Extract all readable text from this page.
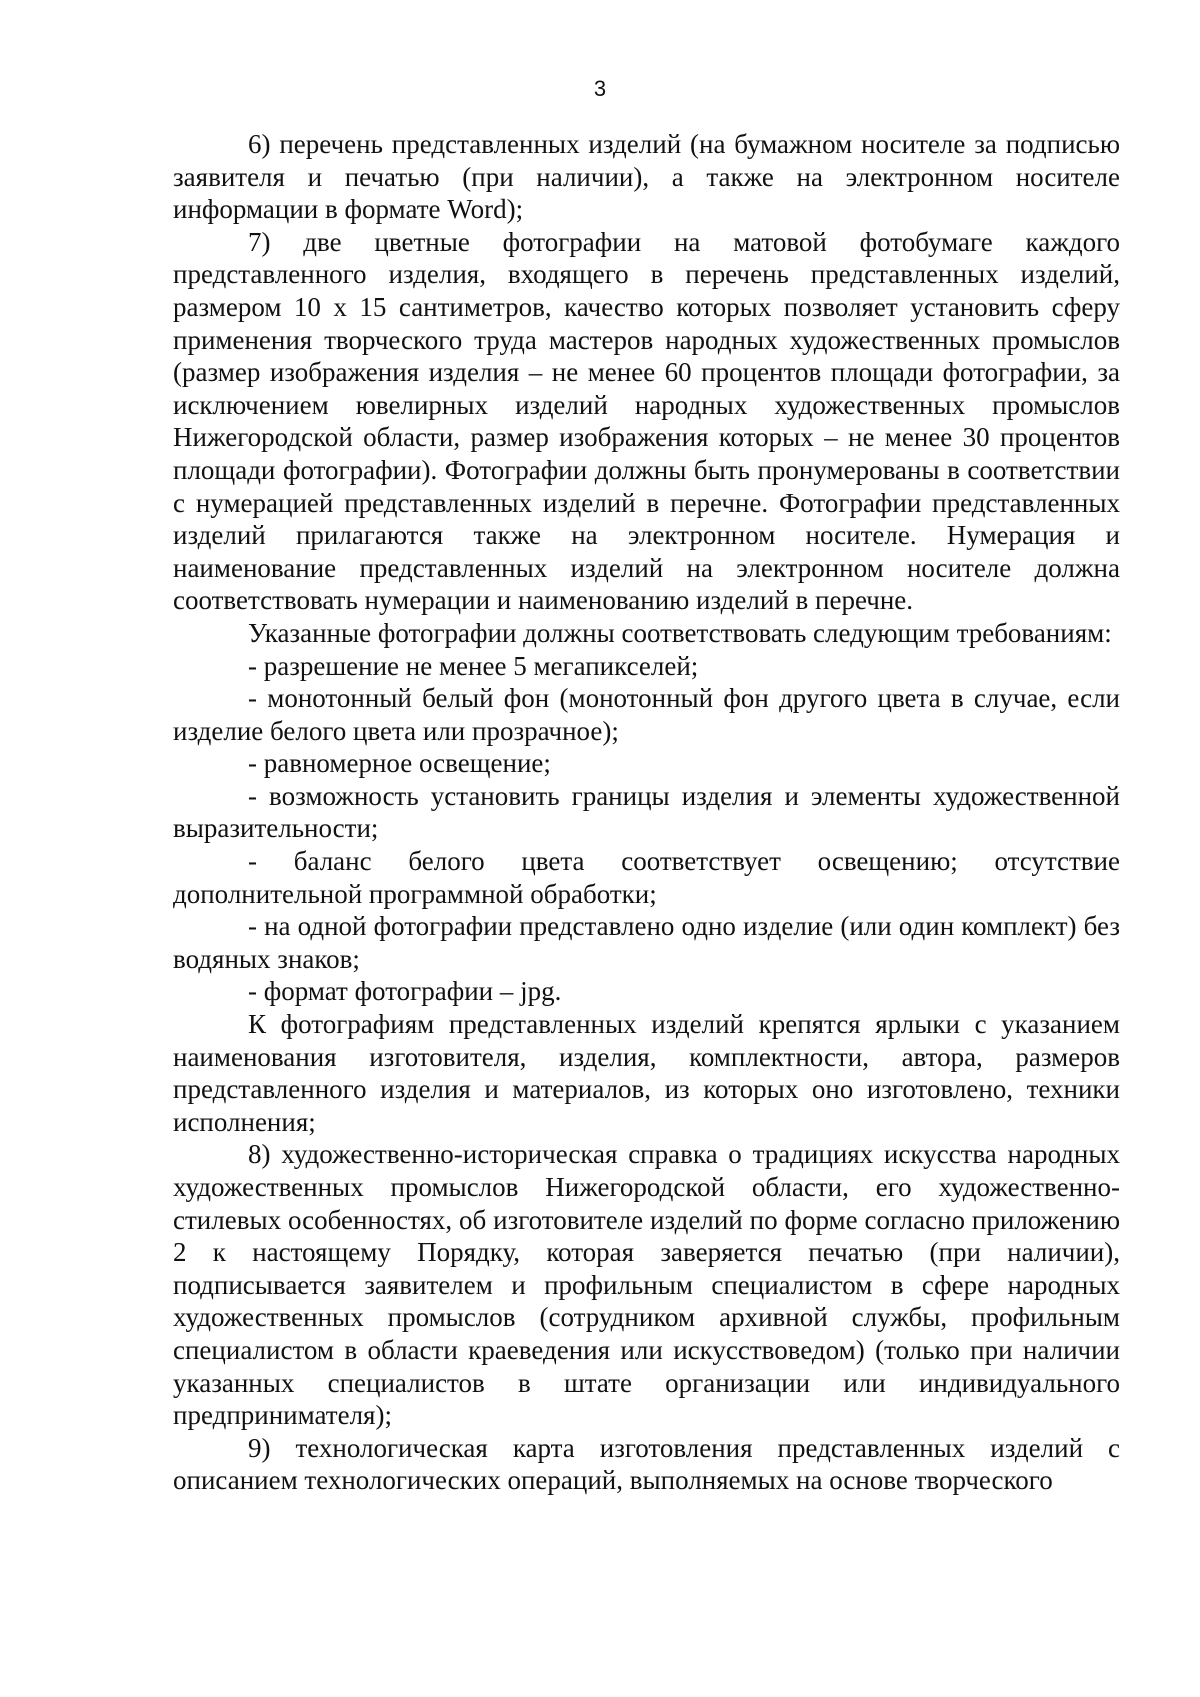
3

6) перечень представленных изделий (на бумажном носителе за подписью заявителя и печатью (при наличии), а также на электронном носителе информации в формате Word);

7) две цветные фотографии на матовой фотобумаге каждого представленного изделия, входящего в перечень представленных изделий, размером 10 х 15 сантиметров, качество которых позволяет установить сферу применения творческого труда мастеров народных художественных промыслов (размер изображения изделия – не менее 60 процентов площади фотографии, за исключением ювелирных изделий народных художественных промыслов Нижегородской области, размер изображения которых – не менее 30 процентов площади фотографии). Фотографии должны быть пронумерованы в соответствии с нумерацией представленных изделий в перечне. Фотографии представленных изделий прилагаются также на электронном носителе. Нумерация и наименование представленных изделий на электронном носителе должна соответствовать нумерации и наименованию изделий в перечне.

Указанные фотографии должны соответствовать следующим требованиям:

- разрешение не менее 5 мегапикселей;

- монотонный белый фон (монотонный фон другого цвета в случае, если изделие белого цвета или прозрачное);

- равномерное освещение;

- возможность установить границы изделия и элементы художественной выразительности;

- баланс белого цвета соответствует освещению; отсутствие дополнительной программной обработки;

- на одной фотографии представлено одно изделие (или один комплект) без водяных знаков;

- формат фотографии – jpg.

К фотографиям представленных изделий крепятся ярлыки с указанием наименования изготовителя, изделия, комплектности, автора, размеров представленного изделия и материалов, из которых оно изготовлено, техники исполнения;

8) художественно-историческая справка о традициях искусства народных художественных промыслов Нижегородской области, его художественно-стилевых особенностях, об изготовителе изделий по форме согласно приложению 2 к настоящему Порядку, которая заверяется печатью (при наличии), подписывается заявителем и профильным специалистом в сфере народных художественных промыслов (сотрудником архивной службы, профильным специалистом в области краеведения или искусствоведом) (только при наличии указанных специалистов в штате организации или индивидуального предпринимателя);

9) технологическая карта изготовления представленных изделий с описанием технологических операций, выполняемых на основе творческого
